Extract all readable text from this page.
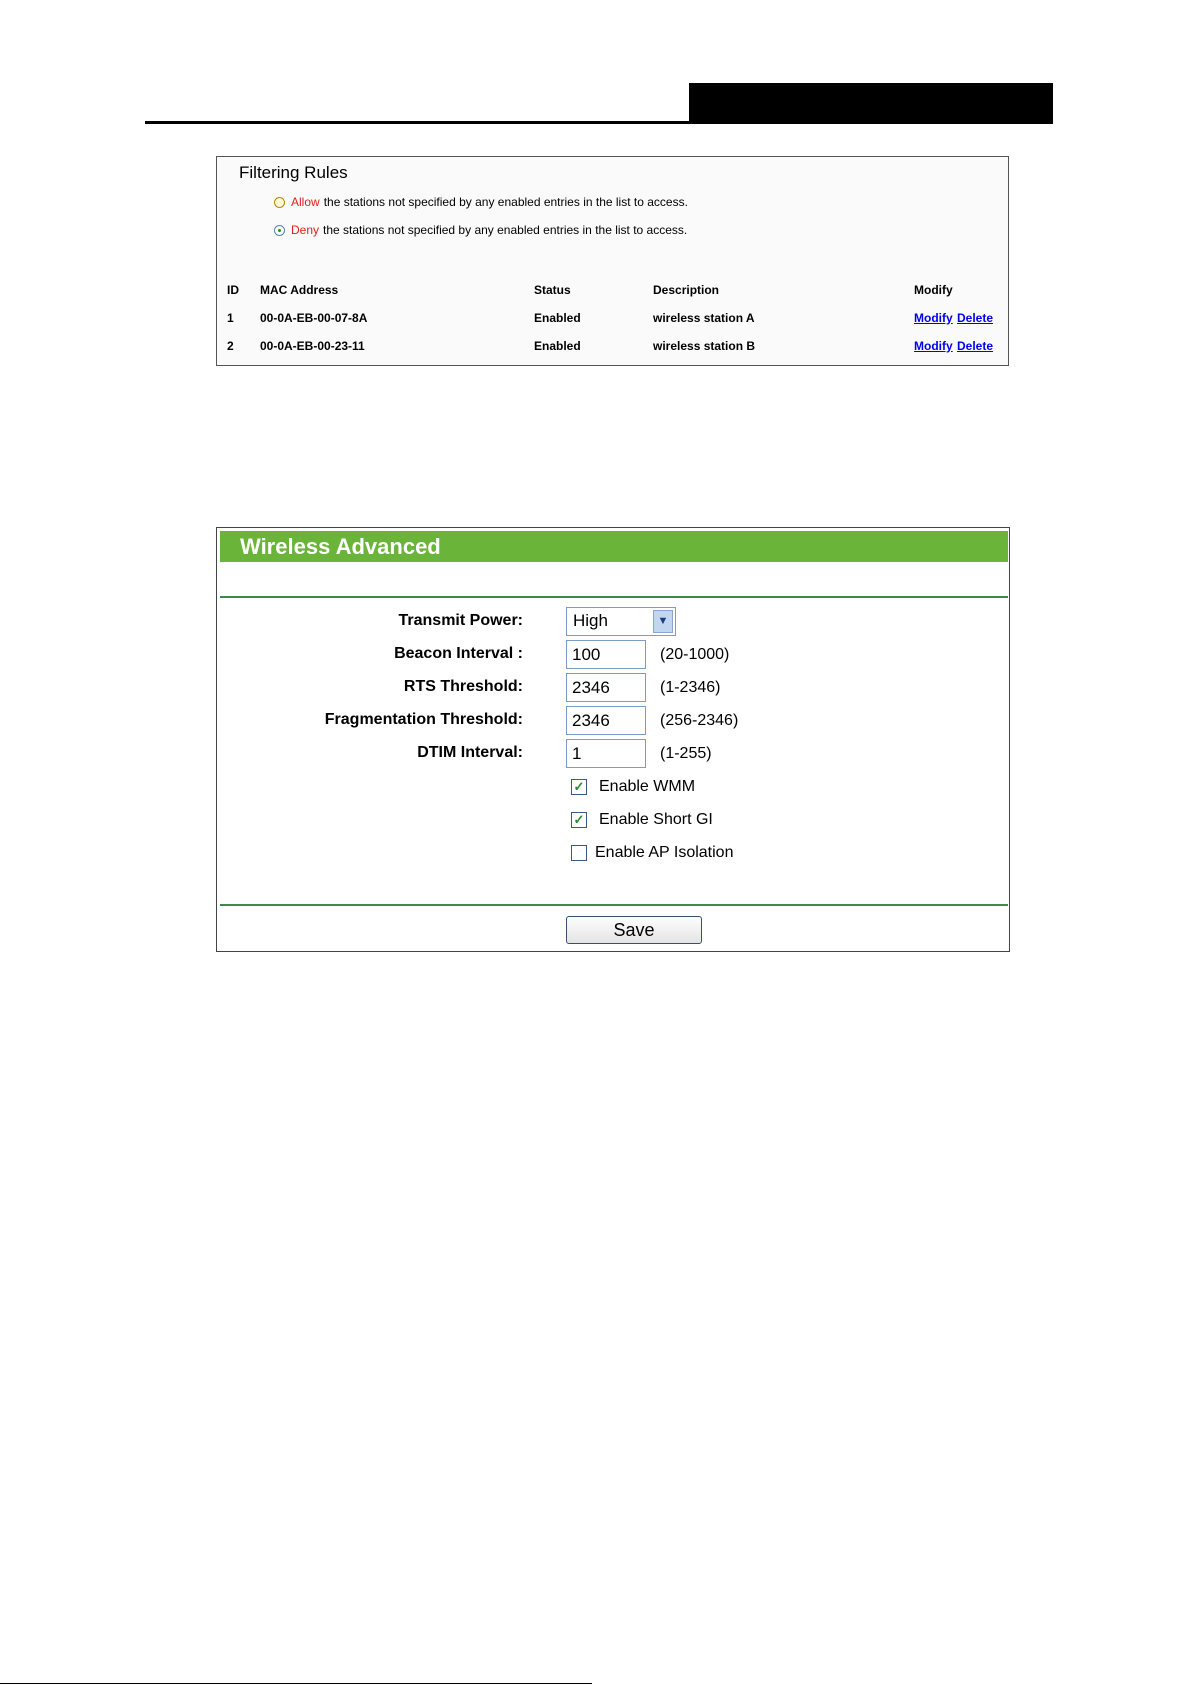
Filtering Rules
Allow the stations not specified by any enabled entries in the list to access.
Deny the stations not specified by any enabled entries in the list to access.
ID MAC Address	Status	Description	Modify
1 00-0A-EB-00-07-8A	Enabled	wireless station A	Modify Delete
2 00-0A-EB-00-23-11	Enabled	wireless station B	Modify Delete
Wireless Advanced
Transmit Power:	High	▼
Beacon Interval :
100	(20-1000)
RTS Threshold:
2346	(1-2346)
Fragmentation Threshold:
2346	(256-2346)
DTIM Interval:
1	(1-255)
✓ Enable WMM
✓ Enable Short GI
Enable AP Isolation
Save
